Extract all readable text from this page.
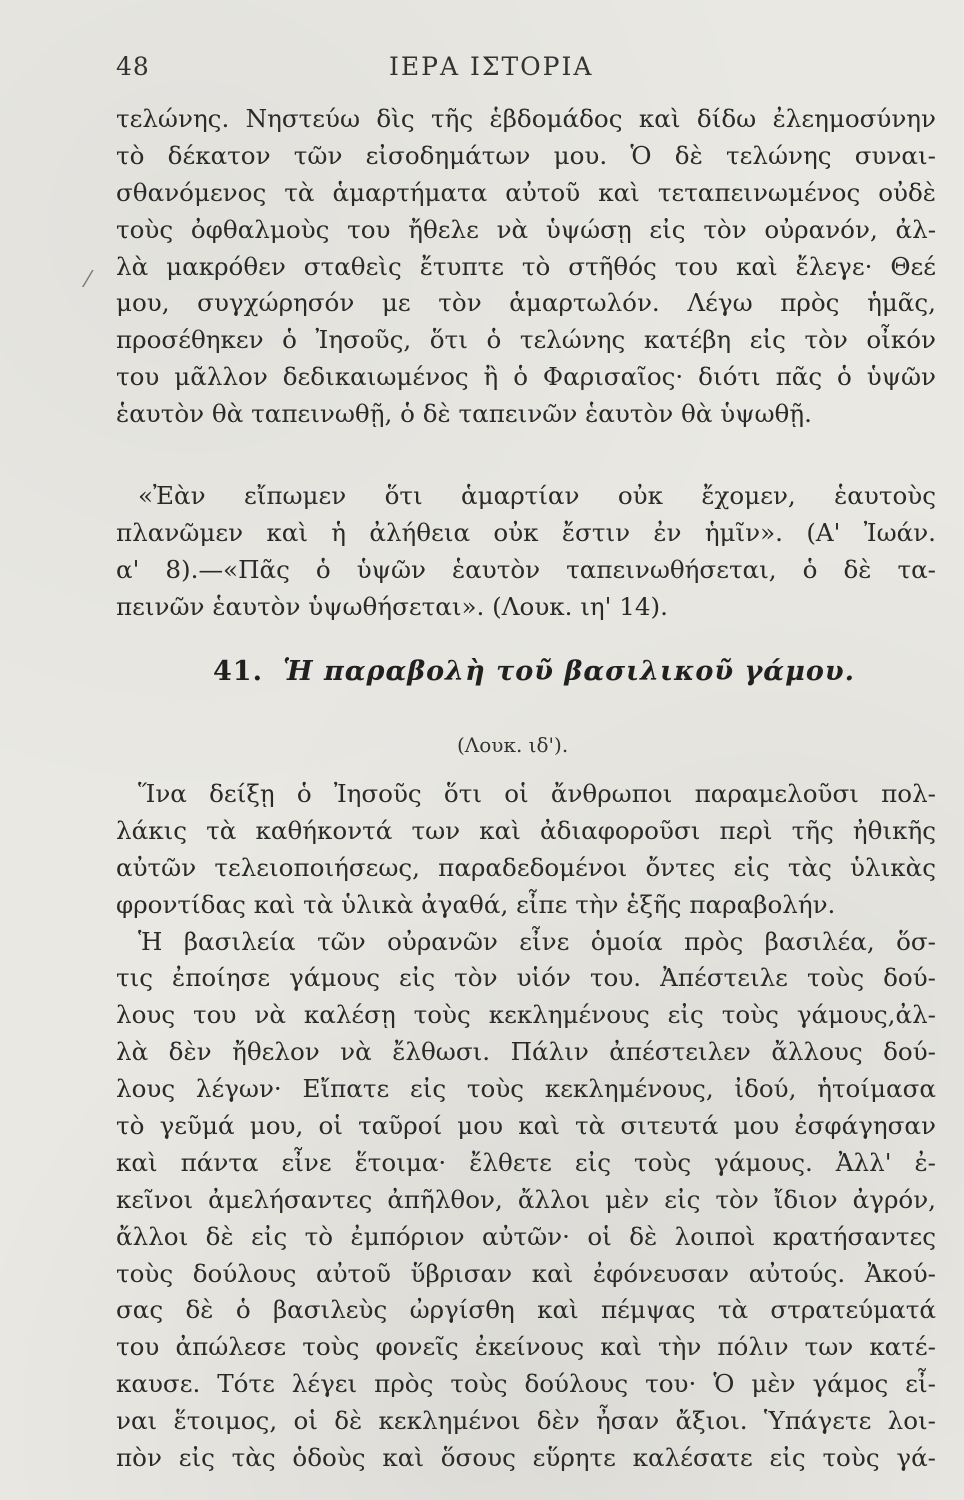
48	ΙΕΡΑ ΙΣΤΟΡΙΑ
⁄
τελώνης. Νηστεύω δὶς τῆς ἑβδομάδος καὶ δίδω ἐλεημοσύνην
τὸ δέκατον τῶν εἰσοδημάτων μου. Ὁ δὲ τελώνης συναι-
σθανόμενος τὰ ἁμαρτήματα αὐτοῦ καὶ τεταπεινωμένος οὐδὲ
τοὺς ὀφθαλμοὺς του ἤθελε νὰ ὑψώσῃ εἰς τὸν οὐρανόν, ἀλ-
λὰ μακρόθεν σταθεὶς ἔτυπτε τὸ στῆθός του καὶ ἔλεγε· Θεέ
μου, συγχώρησόν με τὸν ἁμαρτωλόν. Λέγω πρὸς ἡμᾶς,
προσέθηκεν ὁ Ἰησοῦς, ὅτι ὁ τελώνης κατέβη εἰς τὸν οἶκόν
του μᾶλλον δεδικαιωμένος ἢ ὁ Φαρισαῖος· διότι πᾶς ὁ ὑψῶν
ἑαυτὸν θὰ ταπεινωθῇ, ὁ δὲ ταπεινῶν ἑαυτὸν θὰ ὑψωθῇ.
«Ἐὰν εἴπωμεν ὅτι ἁμαρτίαν οὐκ ἔχομεν, ἑαυτοὺς
πλανῶμεν καὶ ἡ ἀλήθεια οὐκ ἔστιν ἐν ἡμῖν». (Α' Ἰωάν.
α' 8).—«Πᾶς ὁ ὑψῶν ἑαυτὸν ταπεινωθήσεται, ὁ δὲ τα-
πεινῶν ἑαυτὸν ὑψωθήσεται». (Λουκ. ιη' 14).
41. Ἡ παραβολὴ τοῦ βασιλικοῦ γάμου.
(Λουκ. ιδ').
Ἵνα δείξῃ ὁ Ἰησοῦς ὅτι οἱ ἄνθρωποι παραμελοῦσι πολ-
λάκις τὰ καθήκοντά των καὶ ἀδιαφοροῦσι περὶ τῆς ἠθικῆς
αὐτῶν τελειοποιήσεως, παραδεδομένοι ὄντες εἰς τὰς ὑλικὰς
φροντίδας καὶ τὰ ὑλικὰ ἀγαθά, εἶπε τὴν ἑξῆς παραβολήν.
Ἡ βασιλεία τῶν οὐρανῶν εἶνε ὁμοία πρὸς βασιλέα, ὅσ-
τις ἐποίησε γάμους εἰς τὸν υἱόν του. Ἀπέστειλε τοὺς δού-
λους του νὰ καλέσῃ τοὺς κεκλημένους εἰς τοὺς γάμους,ἀλ-
λὰ δὲν ἤθελον νὰ ἔλθωσι. Πάλιν ἀπέστειλεν ἄλλους δού-
λους λέγων· Εἴπατε εἰς τοὺς κεκλημένους, ἰδού, ἡτοίμασα
τὸ γεῦμά μου, οἱ ταῦροί μου καὶ τὰ σιτευτά μου ἐσφάγησαν
καὶ πάντα εἶνε ἕτοιμα· ἔλθετε εἰς τοὺς γάμους. Ἀλλ' ἐ-
κεῖνοι ἀμελήσαντες ἀπῆλθον, ἄλλοι μὲν εἰς τὸν ἴδιον ἀγρόν,
ἄλλοι δὲ εἰς τὸ ἐμπόριον αὐτῶν· οἱ δὲ λοιποὶ κρατήσαντες
τοὺς δούλους αὐτοῦ ὕβρισαν καὶ ἐφόνευσαν αὐτούς. Ἀκού-
σας δὲ ὁ βασιλεὺς ὠργίσθη καὶ πέμψας τὰ στρατεύματά
του ἀπώλεσε τοὺς φονεῖς ἐκείνους καὶ τὴν πόλιν των κατέ-
καυσε. Τότε λέγει πρὸς τοὺς δούλους του· Ὁ μὲν γάμος εἶ-
ναι ἕτοιμος, οἱ δὲ κεκλημένοι δὲν ἦσαν ἄξιοι. Ὑπάγετε λοι-
πὸν εἰς τὰς ὁδοὺς καὶ ὅσους εὕρητε καλέσατε εἰς τοὺς γά-
